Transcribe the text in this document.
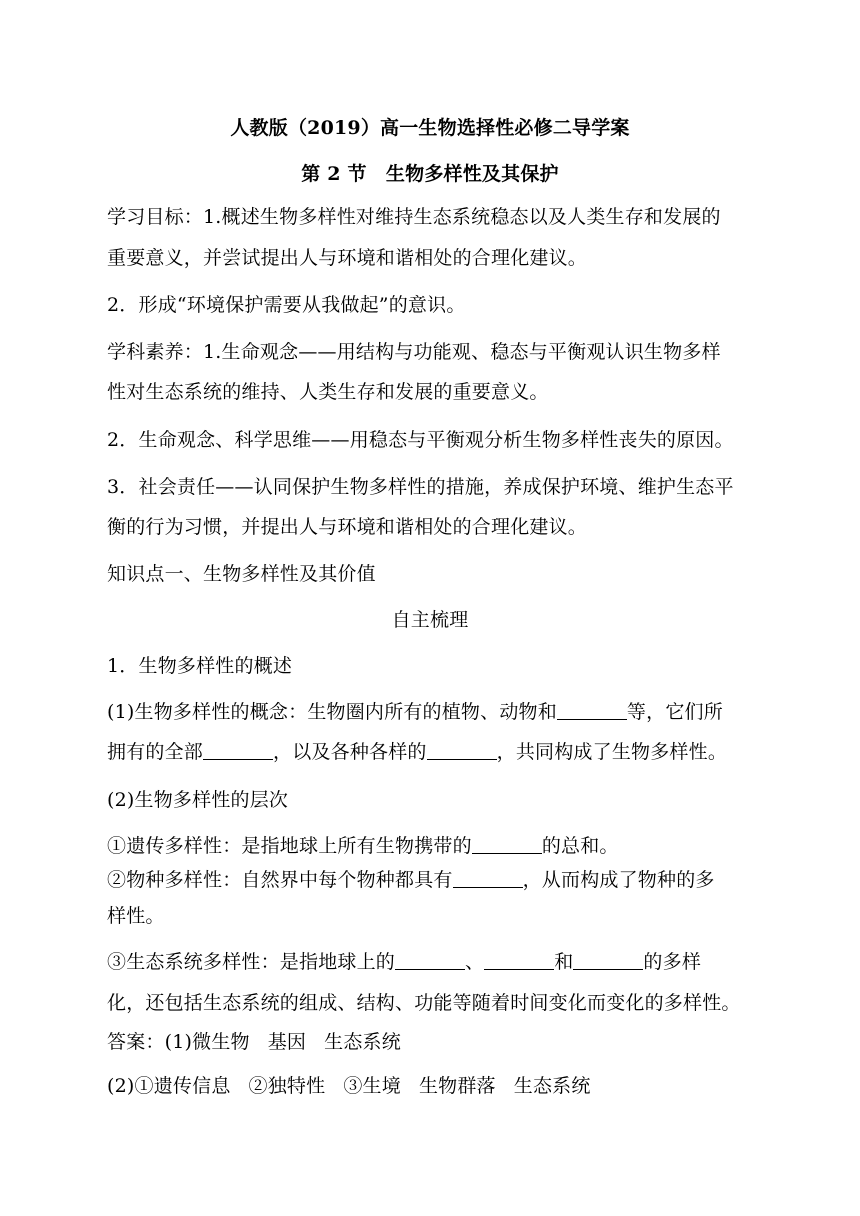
人教版（2019）高一生物选择性必修二导学案
第 2 节　生物多样性及其保护
学习目标：1.概述生物多样性对维持生态系统稳态以及人类生存和发展的
重要意义，并尝试提出人与环境和谐相处的合理化建议。
2．形成“环境保护需要从我做起”的意识。
学科素养：1.生命观念——用结构与功能观、稳态与平衡观认识生物多样
性对生态系统的维持、人类生存和发展的重要意义。
2．生命观念、科学思维——用稳态与平衡观分析生物多样性丧失的原因。
3．社会责任——认同保护生物多样性的措施，养成保护环境、维护生态平
衡的行为习惯，并提出人与环境和谐相处的合理化建议。
知识点一、生物多样性及其价值
自主梳理
1．生物多样性的概述
(1)生物多样性的概念：生物圈内所有的植物、动物和	等，它们所
拥有的全部	，以及各种各样的	，共同构成了生物多样性。
(2)生物多样性的层次
①遗传多样性：是指地球上所有生物携带的	的总和。
②物种多样性：自然界中每个物种都具有	，从而构成了物种的多
样性。
③生态系统多样性：是指地球上的	、	和	的多样
化，还包括生态系统的组成、结构、功能等随着时间变化而变化的多样性。
答案：(1)微生物 基因 生态系统
(2)①遗传信息 ②独特性 ③生境 生物群落 生态系统
